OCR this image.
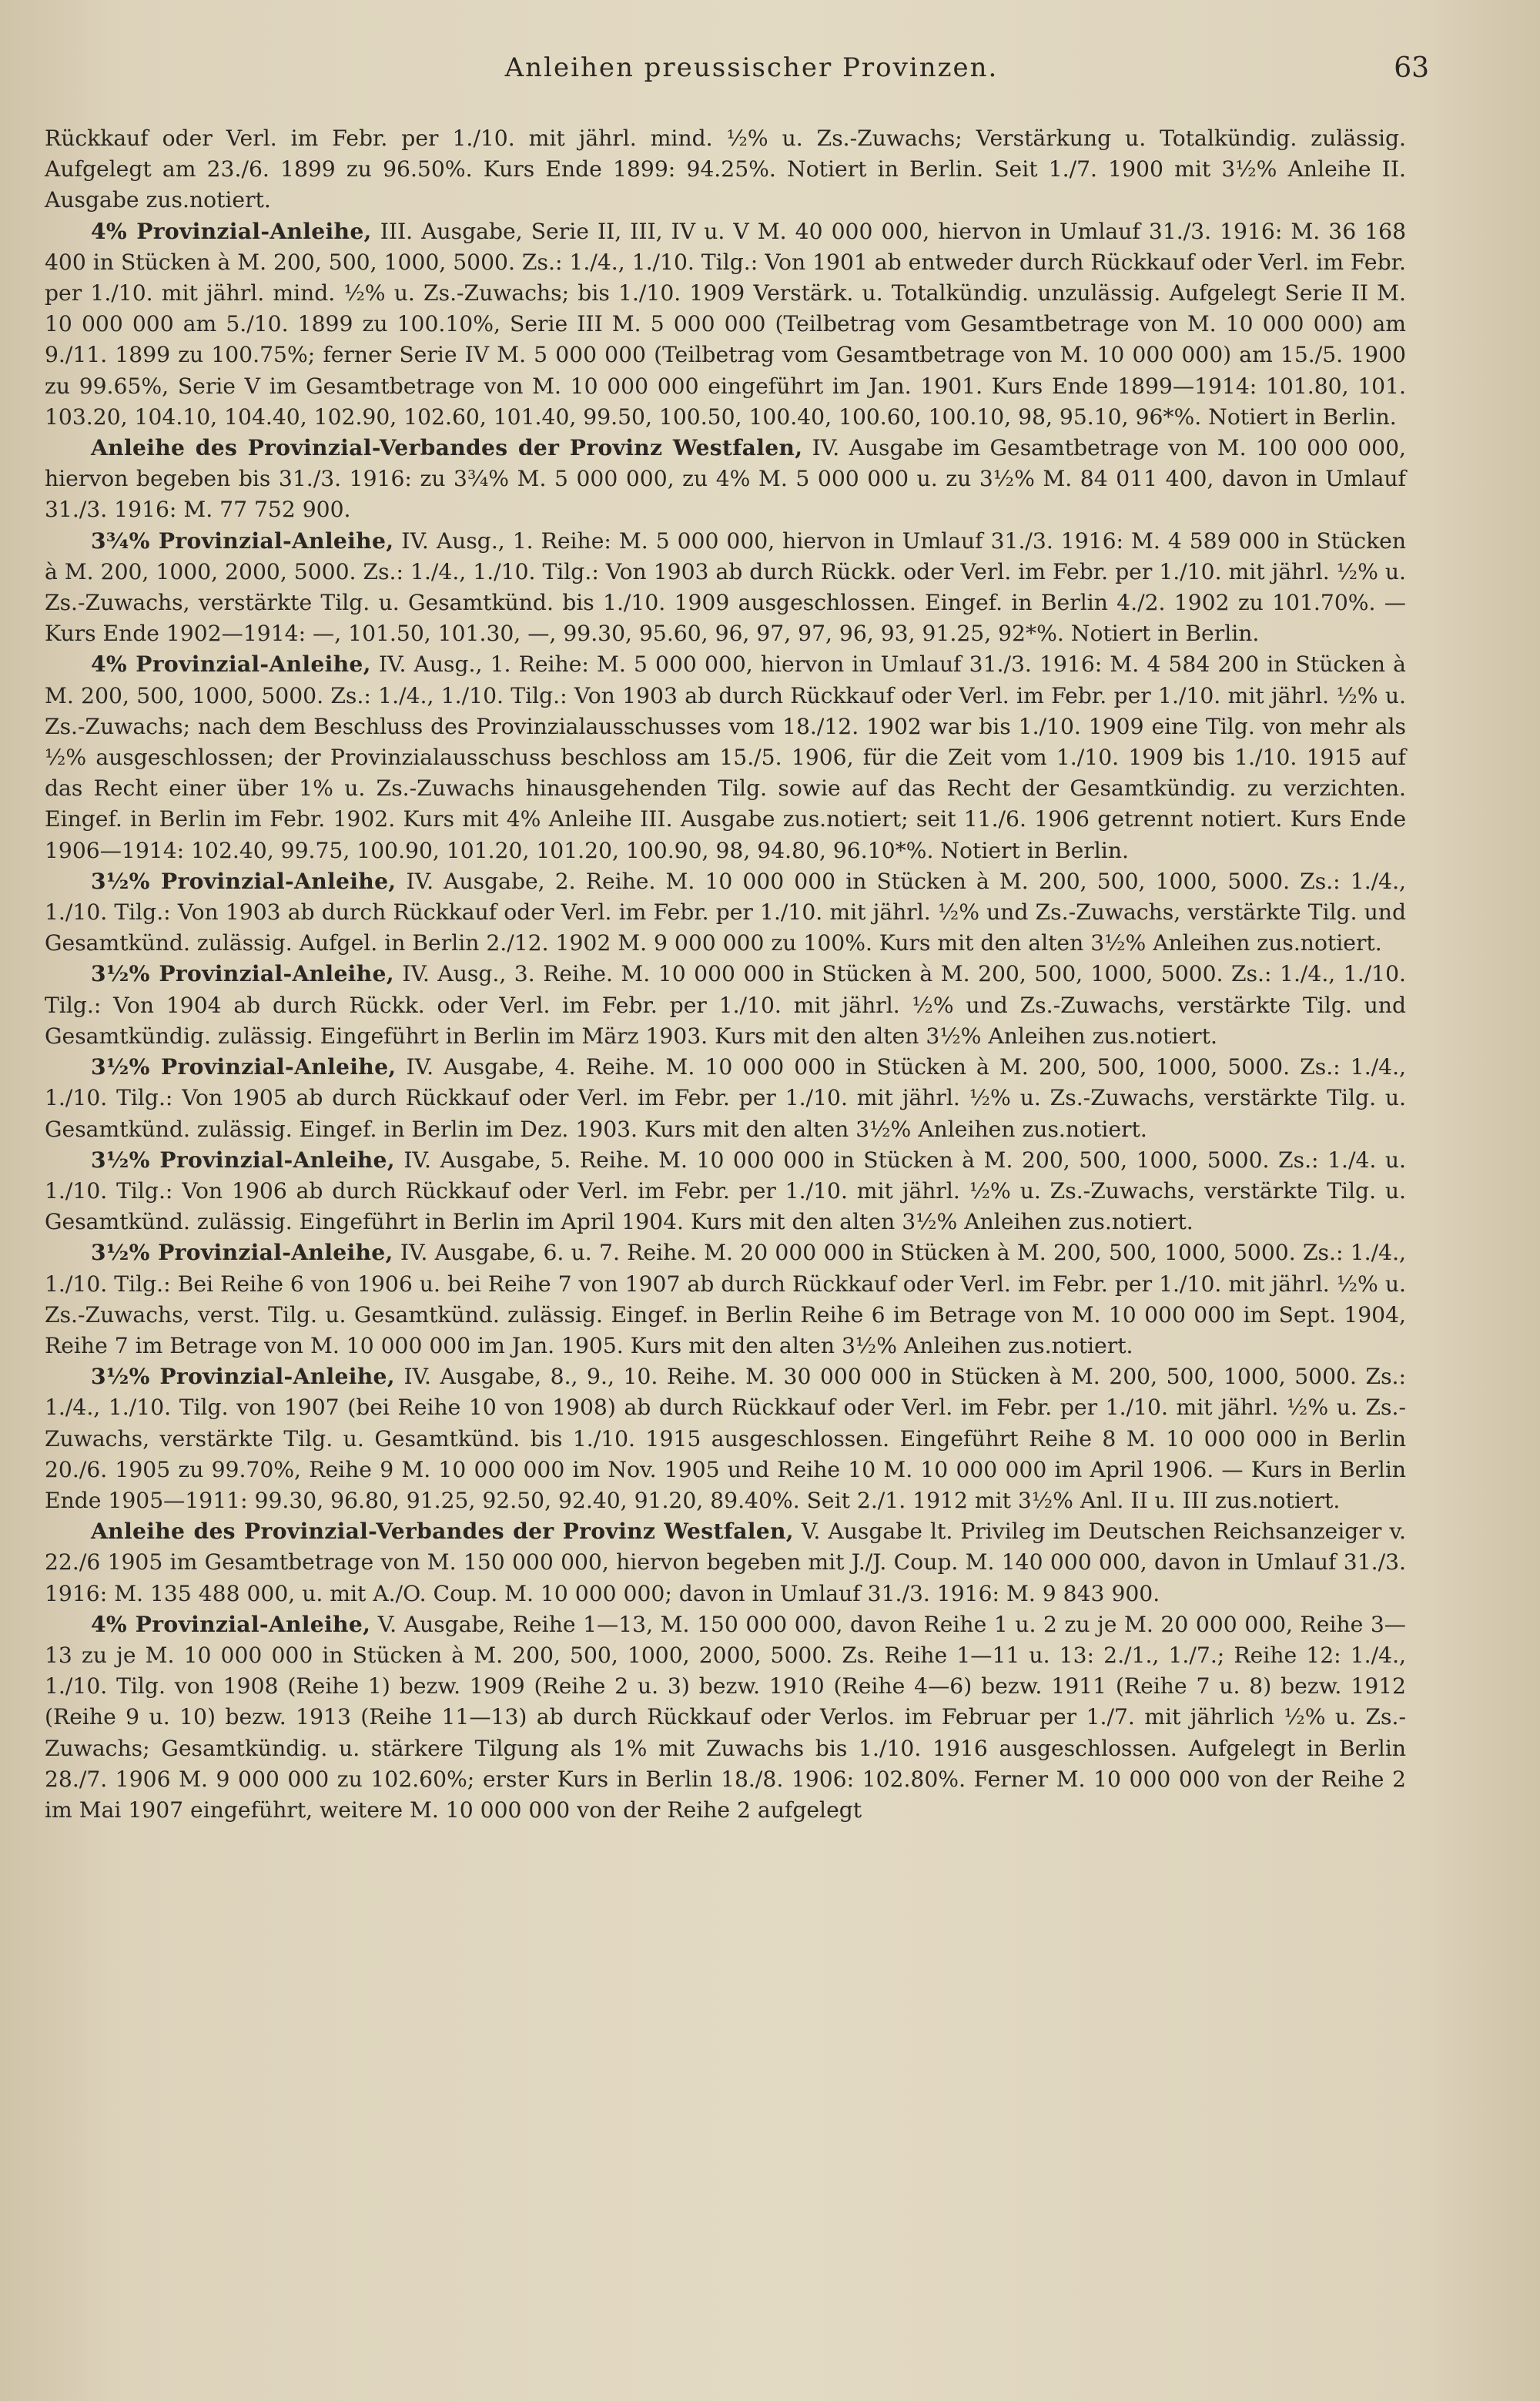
Anleihen preussischer Provinzen.	63

Rückkauf oder Verl. im Febr. per 1./10. mit jährl. mind. ½% u. Zs.-Zuwachs; Verstärkung u. Totalkündig. zulässig. Aufgelegt am 23./6. 1899 zu 96.50%. Kurs Ende 1899: 94.25%. Notiert in Berlin. Seit 1./7. 1900 mit 3½% Anleihe II. Ausgabe zus.notiert.

4% Provinzial-Anleihe, III. Ausgabe, Serie II, III, IV u. V M. 40 000 000, hiervon in Umlauf 31./3. 1916: M. 36 168 400 in Stücken à M. 200, 500, 1000, 5000. Zs.: 1./4., 1./10. Tilg.: Von 1901 ab entweder durch Rückkauf oder Verl. im Febr. per 1./10. mit jährl. mind. ½% u. Zs.-Zuwachs; bis 1./10. 1909 Verstärk. u. Totalkündig. unzulässig. Aufgelegt Serie II M. 10 000 000 am 5./10. 1899 zu 100.10%, Serie III M. 5 000 000 (Teilbetrag vom Gesamtbetrage von M. 10 000 000) am 9./11. 1899 zu 100.75%; ferner Serie IV M. 5 000 000 (Teilbetrag vom Gesamtbetrage von M. 10 000 000) am 15./5. 1900 zu 99.65%, Serie V im Gesamtbetrage von M. 10 000 000 eingeführt im Jan. 1901. Kurs Ende 1899—1914: 101.80, 101. 103.20, 104.10, 104.40, 102.90, 102.60, 101.40, 99.50, 100.50, 100.40, 100.60, 100.10, 98, 95.10, 96*%. Notiert in Berlin.

Anleihe des Provinzial-Verbandes der Provinz Westfalen, IV. Ausgabe im Gesamtbetrage von M. 100 000 000, hiervon begeben bis 31./3. 1916: zu 3¾% M. 5 000 000, zu 4% M. 5 000 000 u. zu 3½% M. 84 011 400, davon in Umlauf 31./3. 1916: M. 77 752 900.

3¾% Provinzial-Anleihe, IV. Ausg., 1. Reihe: M. 5 000 000, hiervon in Umlauf 31./3. 1916: M. 4 589 000 in Stücken à M. 200, 1000, 2000, 5000. Zs.: 1./4., 1./10. Tilg.: Von 1903 ab durch Rückk. oder Verl. im Febr. per 1./10. mit jährl. ½% u. Zs.-Zuwachs, verstärkte Tilg. u. Gesamtkünd. bis 1./10. 1909 ausgeschlossen. Eingef. in Berlin 4./2. 1902 zu 101.70%. — Kurs Ende 1902—1914: —, 101.50, 101.30, —, 99.30, 95.60, 96, 97, 97, 96, 93, 91.25, 92*%. Notiert in Berlin.

4% Provinzial-Anleihe, IV. Ausg., 1. Reihe: M. 5 000 000, hiervon in Umlauf 31./3. 1916: M. 4 584 200 in Stücken à M. 200, 500, 1000, 5000. Zs.: 1./4., 1./10. Tilg.: Von 1903 ab durch Rückkauf oder Verl. im Febr. per 1./10. mit jährl. ½% u. Zs.-Zuwachs; nach dem Beschluss des Provinzialausschusses vom 18./12. 1902 war bis 1./10. 1909 eine Tilg. von mehr als ½% ausgeschlossen; der Provinzialausschuss beschloss am 15./5. 1906, für die Zeit vom 1./10. 1909 bis 1./10. 1915 auf das Recht einer über 1% u. Zs.-Zuwachs hinausgehenden Tilg. sowie auf das Recht der Gesamtkündig. zu verzichten. Eingef. in Berlin im Febr. 1902. Kurs mit 4% Anleihe III. Ausgabe zus.notiert; seit 11./6. 1906 getrennt notiert. Kurs Ende 1906—1914: 102.40, 99.75, 100.90, 101.20, 101.20, 100.90, 98, 94.80, 96.10*%. Notiert in Berlin.

3½% Provinzial-Anleihe, IV. Ausgabe, 2. Reihe. M. 10 000 000 in Stücken à M. 200, 500, 1000, 5000. Zs.: 1./4., 1./10. Tilg.: Von 1903 ab durch Rückkauf oder Verl. im Febr. per 1./10. mit jährl. ½% und Zs.-Zuwachs, verstärkte Tilg. und Gesamtkünd. zulässig. Aufgel. in Berlin 2./12. 1902 M. 9 000 000 zu 100%. Kurs mit den alten 3½% Anleihen zus.notiert.

3½% Provinzial-Anleihe, IV. Ausg., 3. Reihe. M. 10 000 000 in Stücken à M. 200, 500, 1000, 5000. Zs.: 1./4., 1./10. Tilg.: Von 1904 ab durch Rückk. oder Verl. im Febr. per 1./10. mit jährl. ½% und Zs.-Zuwachs, verstärkte Tilg. und Gesamtkündig. zulässig. Eingeführt in Berlin im März 1903. Kurs mit den alten 3½% Anleihen zus.notiert.

3½% Provinzial-Anleihe, IV. Ausgabe, 4. Reihe. M. 10 000 000 in Stücken à M. 200, 500, 1000, 5000. Zs.: 1./4., 1./10. Tilg.: Von 1905 ab durch Rückkauf oder Verl. im Febr. per 1./10. mit jährl. ½% u. Zs.-Zuwachs, verstärkte Tilg. u. Gesamtkünd. zulässig. Eingef. in Berlin im Dez. 1903. Kurs mit den alten 3½% Anleihen zus.notiert.

3½% Provinzial-Anleihe, IV. Ausgabe, 5. Reihe. M. 10 000 000 in Stücken à M. 200, 500, 1000, 5000. Zs.: 1./4. u. 1./10. Tilg.: Von 1906 ab durch Rückkauf oder Verl. im Febr. per 1./10. mit jährl. ½% u. Zs.-Zuwachs, verstärkte Tilg. u. Gesamtkünd. zulässig. Eingeführt in Berlin im April 1904. Kurs mit den alten 3½% Anleihen zus.notiert.

3½% Provinzial-Anleihe, IV. Ausgabe, 6. u. 7. Reihe. M. 20 000 000 in Stücken à M. 200, 500, 1000, 5000. Zs.: 1./4., 1./10. Tilg.: Bei Reihe 6 von 1906 u. bei Reihe 7 von 1907 ab durch Rückkauf oder Verl. im Febr. per 1./10. mit jährl. ½% u. Zs.-Zuwachs, verst. Tilg. u. Gesamtkünd. zulässig. Eingef. in Berlin Reihe 6 im Betrage von M. 10 000 000 im Sept. 1904, Reihe 7 im Betrage von M. 10 000 000 im Jan. 1905. Kurs mit den alten 3½% Anleihen zus.notiert.

3½% Provinzial-Anleihe, IV. Ausgabe, 8., 9., 10. Reihe. M. 30 000 000 in Stücken à M. 200, 500, 1000, 5000. Zs.: 1./4., 1./10. Tilg. von 1907 (bei Reihe 10 von 1908) ab durch Rückkauf oder Verl. im Febr. per 1./10. mit jährl. ½% u. Zs.-Zuwachs, verstärkte Tilg. u. Gesamtkünd. bis 1./10. 1915 ausgeschlossen. Eingeführt Reihe 8 M. 10 000 000 in Berlin 20./6. 1905 zu 99.70%, Reihe 9 M. 10 000 000 im Nov. 1905 und Reihe 10 M. 10 000 000 im April 1906. — Kurs in Berlin Ende 1905—1911: 99.30, 96.80, 91.25, 92.50, 92.40, 91.20, 89.40%. Seit 2./1. 1912 mit 3½% Anl. II u. III zus.notiert.

Anleihe des Provinzial-Verbandes der Provinz Westfalen, V. Ausgabe lt. Privileg im Deutschen Reichsanzeiger v. 22./6 1905 im Gesamtbetrage von M. 150 000 000, hiervon begeben mit J./J. Coup. M. 140 000 000, davon in Umlauf 31./3. 1916: M. 135 488 000, u. mit A./O. Coup. M. 10 000 000; davon in Umlauf 31./3. 1916: M. 9 843 900.

4% Provinzial-Anleihe, V. Ausgabe, Reihe 1—13, M. 150 000 000, davon Reihe 1 u. 2 zu je M. 20 000 000, Reihe 3—13 zu je M. 10 000 000 in Stücken à M. 200, 500, 1000, 2000, 5000. Zs. Reihe 1—11 u. 13: 2./1., 1./7.; Reihe 12: 1./4., 1./10. Tilg. von 1908 (Reihe 1) bezw. 1909 (Reihe 2 u. 3) bezw. 1910 (Reihe 4—6) bezw. 1911 (Reihe 7 u. 8) bezw. 1912 (Reihe 9 u. 10) bezw. 1913 (Reihe 11—13) ab durch Rückkauf oder Verlos. im Februar per 1./7. mit jährlich ½% u. Zs.-Zuwachs; Gesamtkündig. u. stärkere Tilgung als 1% mit Zuwachs bis 1./10. 1916 ausgeschlossen. Aufgelegt in Berlin 28./7. 1906 M. 9 000 000 zu 102.60%; erster Kurs in Berlin 18./8. 1906: 102.80%. Ferner M. 10 000 000 von der Reihe 2 im Mai 1907 eingeführt, weitere M. 10 000 000 von der Reihe 2 aufgelegt
